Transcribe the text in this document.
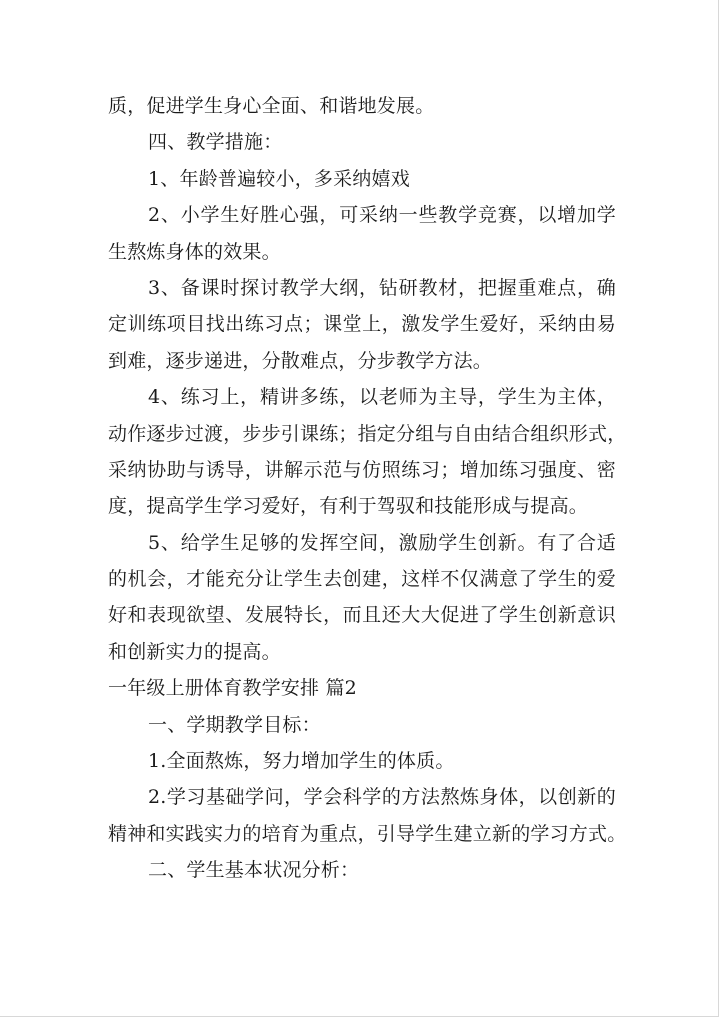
质，促进学生身心全面、和谐地发展。
四、教学措施：
1、年龄普遍较小，多采纳嬉戏
2、小学生好胜心强，可采纳一些教学竞赛，以增加学
生熬炼身体的效果。
3、备课时探讨教学大纲，钻研教材，把握重难点，确
定训练项目找出练习点；课堂上，激发学生爱好，采纳由易
到难，逐步递进，分散难点，分步教学方法。
4、练习上，精讲多练，以老师为主导，学生为主体，
动作逐步过渡，步步引课练；指定分组与自由结合组织形式，
采纳协助与诱导，讲解示范与仿照练习；增加练习强度、密
度，提高学生学习爱好，有利于驾驭和技能形成与提高。
5、给学生足够的发挥空间，激励学生创新。有了合适
的机会，才能充分让学生去创建，这样不仅满意了学生的爱
好和表现欲望、发展特长，而且还大大促进了学生创新意识
和创新实力的提高。
一年级上册体育教学安排 篇2
一、学期教学目标：
1.全面熬炼，努力增加学生的体质。
2.学习基础学问，学会科学的方法熬炼身体，以创新的
精神和实践实力的培育为重点，引导学生建立新的学习方式。
二、学生基本状况分析：
